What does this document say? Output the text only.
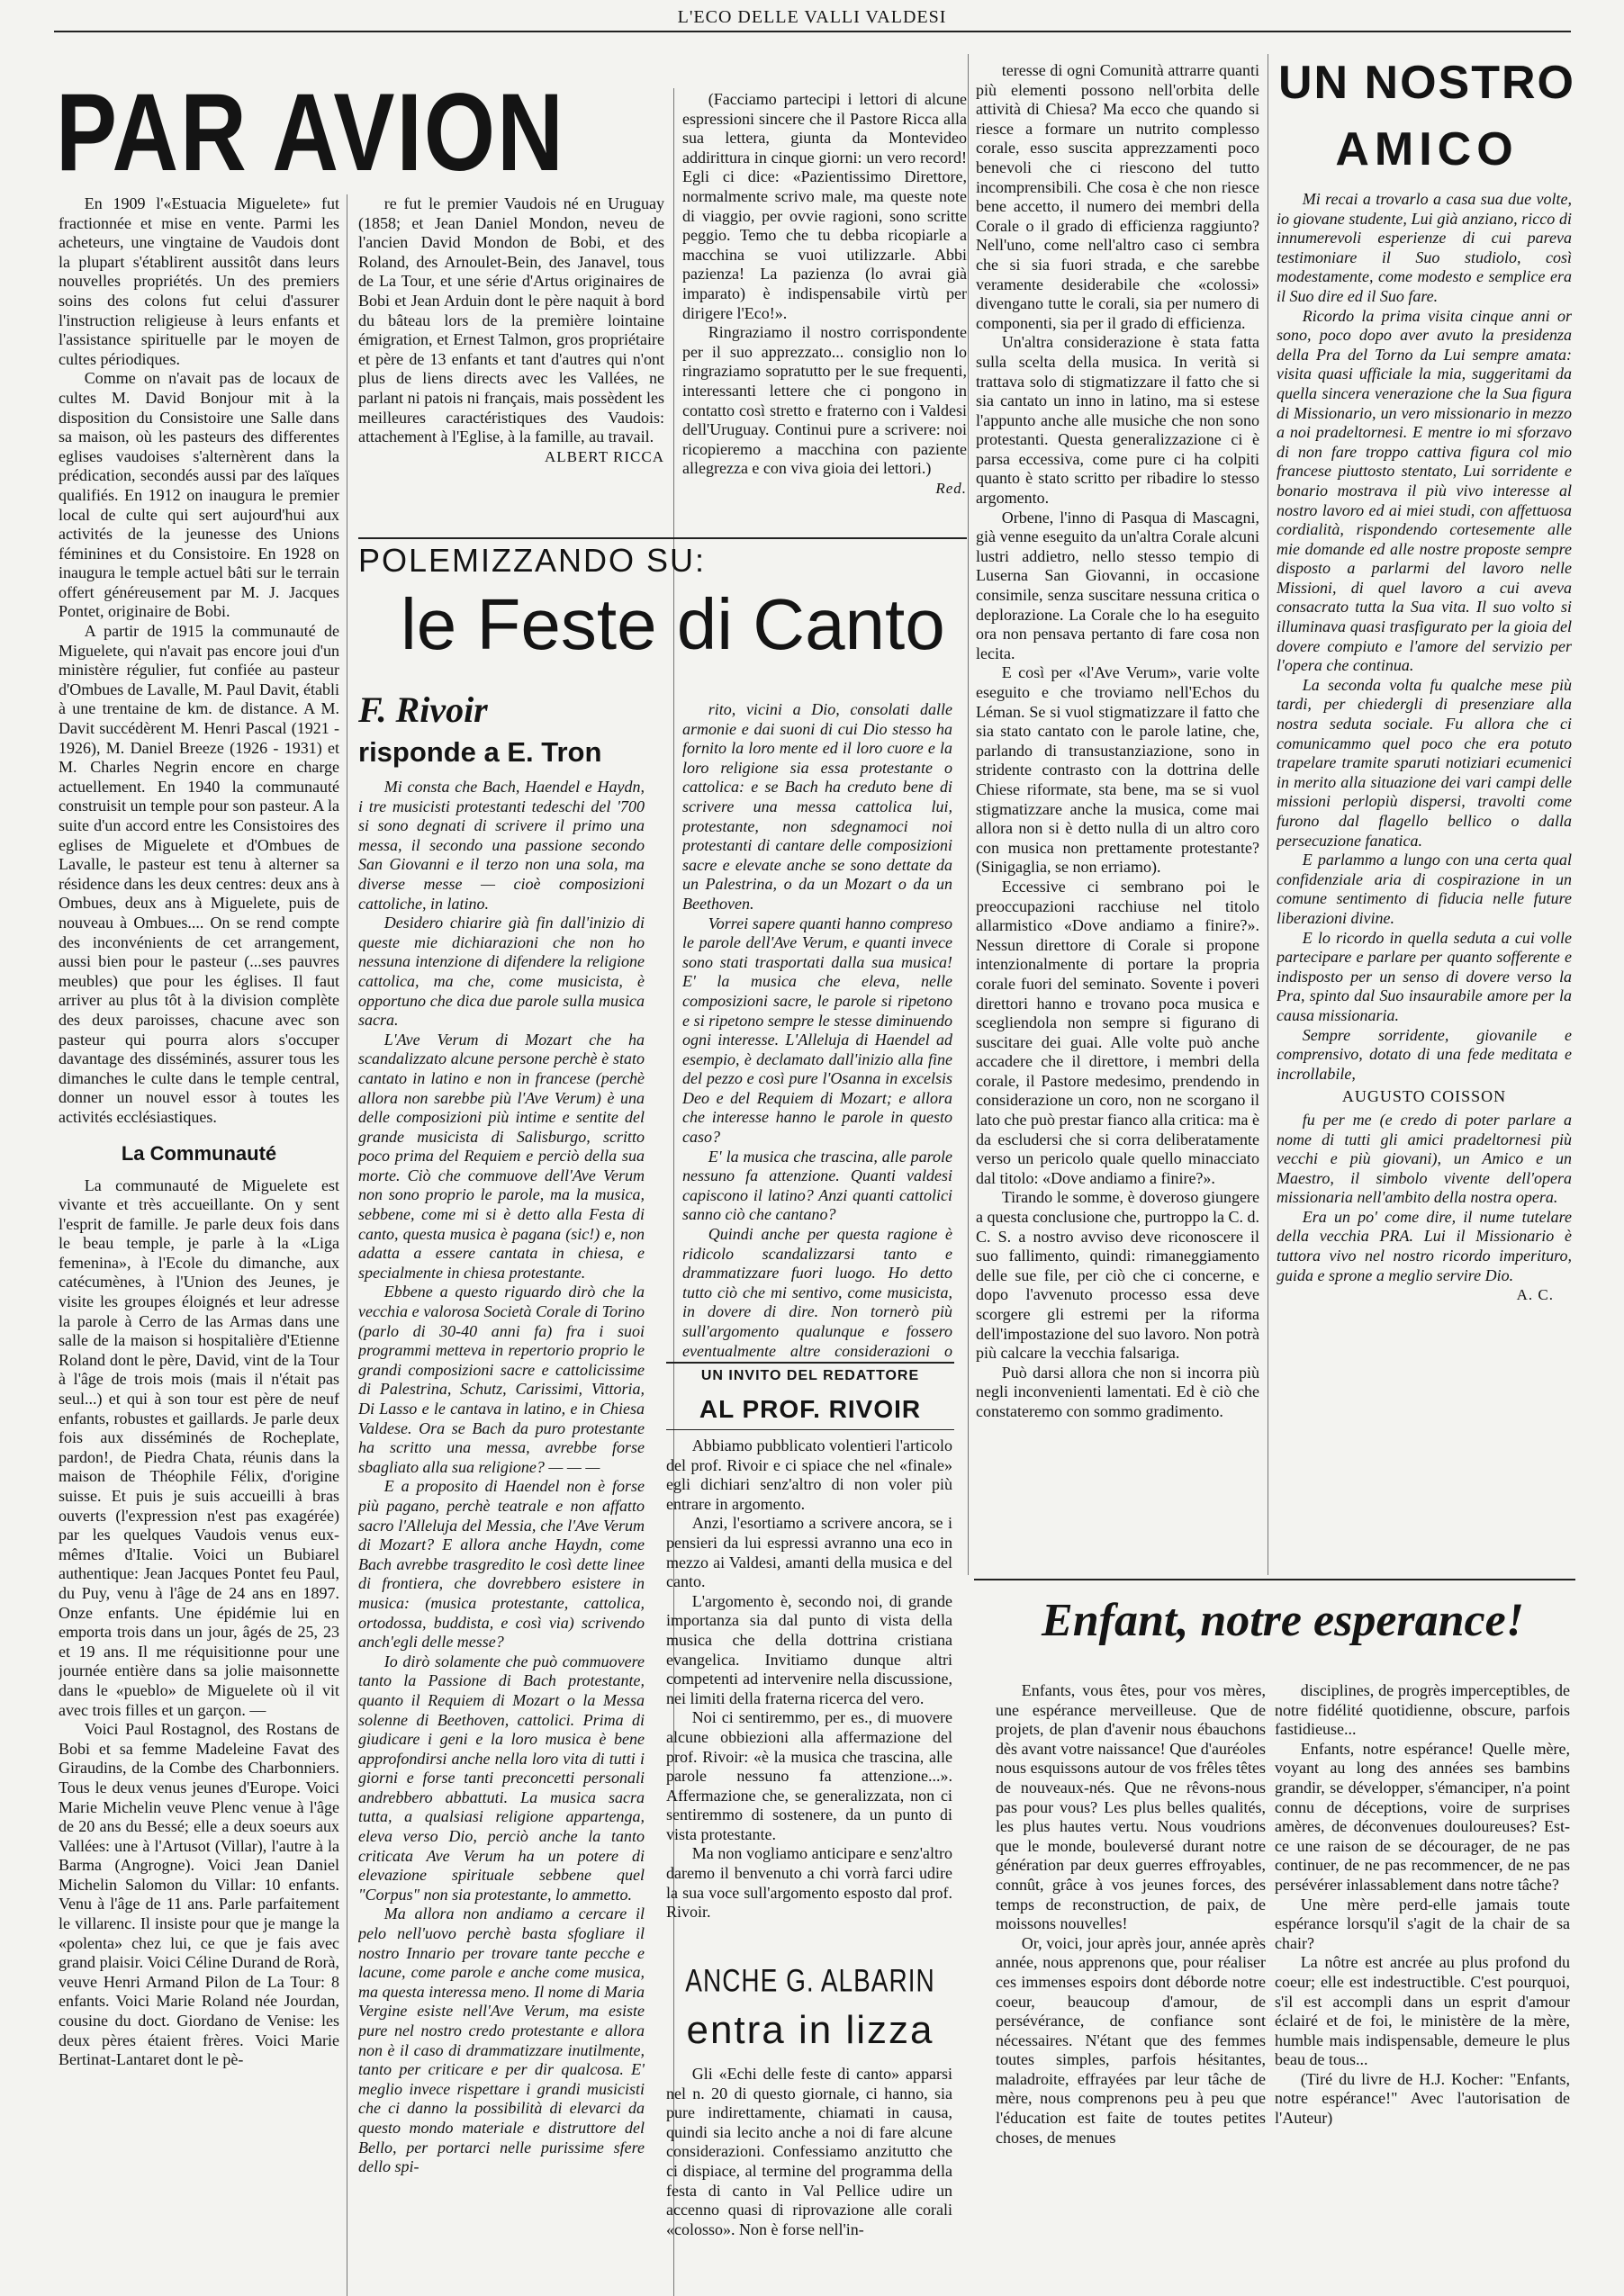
L'ECO DELLE VALLI VALDESI
PAR AVION

En 1909 l'«Estuacia Miguelete» fut fractionnée et mise en vente. Parmi les acheteurs, une vingtaine de Vaudois dont la plupart s'établirent aussitôt dans leurs nouvelles propriétés. Un des premiers soins des colons fut celui d'assurer l'instruction religieuse à leurs enfants et l'assistance spirituelle par le moyen de cultes périodiques.

Comme on n'avait pas de locaux de cultes M. David Bonjour mit à la disposition du Consistoire une Salle dans sa maison, où les pasteurs des differentes eglises vaudoises s'alternèrent dans la prédication, secondés aussi par des laïques qualifiés. En 1912 on inaugura le premier local de culte qui sert aujourd'hui aux activités de la jeunesse des Unions féminines et du Consistoire. En 1928 on inaugura le temple actuel bâti sur le terrain offert généreusement par M. J. Jacques Pontet, originaire de Bobi.

A partir de 1915 la communauté de Miguelete, qui n'avait pas encore joui d'un ministère régulier, fut confiée au pasteur d'Ombues de Lavalle, M. Paul Davit, établi à une trentaine de km. de distance. A M. Davit succédèrent M. Henri Pascal (1921 - 1926), M. Daniel Breeze (1926 - 1931) et M. Charles Negrin encore en charge actuellement. En 1940 la communauté construisit un temple pour son pasteur. A la suite d'un accord entre les Consistoires des eglises de Miguelete et d'Ombues de Lavalle, le pasteur est tenu à alterner sa résidence dans les deux centres: deux ans à Ombues, deux ans à Miguelete, puis de nouveau à Ombues.... On se rend compte des inconvénients de cet arrangement, aussi bien pour le pasteur (...ses pauvres meubles) que pour les églises. Il faut arriver au plus tôt à la division complète des deux paroisses, chacune avec son pasteur qui pourra alors s'occuper davantage des disséminés, assurer tous les dimanches le culte dans le temple central, donner un nouvel essor à toutes les activités ecclésiastiques.

La Communauté

La communauté de Miguelete est vivante et très accueillante. On y sent l'esprit de famille. Je parle deux fois dans le beau temple, je parle à la «Liga femenina», à l'Ecole du dimanche, aux catécumènes, à l'Union des Jeunes, je visite les groupes éloignés et leur adresse la parole à Cerro de las Armas dans une salle de la maison si hospitalière d'Etienne Roland dont le père, David, vint de la Tour à l'âge de trois mois (mais il n'était pas seul...) et qui à son tour est père de neuf enfants, robustes et gaillards. Je parle deux fois aux disséminés de Rocheplate, pardon!, de Piedra Chata, réunis dans la maison de Théophile Félix, d'origine suisse. Et puis je suis accueilli à bras ouverts (l'expression n'est pas exagérée) par les quelques Vaudois venus eux-mêmes d'Italie. Voici un Bubiarel authentique: Jean Jacques Pontet feu Paul, du Puy, venu à l'âge de 24 ans en 1897. Onze enfants. Une épidémie lui en emporta trois dans un jour, âgés de 25, 23 et 19 ans. Il me réquisitionne pour une journée entière dans sa jolie maisonnette dans le «pueblo» de Miguelete où il vit avec trois filles et un garçon. —

Voici Paul Rostagnol, des Rostans de Bobi et sa femme Madeleine Favat des Giraudins, de la Combe des Charbonniers. Tous le deux venus jeunes d'Europe. Voici Marie Michelin veuve Plenc venue à l'âge de 20 ans du Bessé; elle a deux soeurs aux Vallées: une à l'Artusot (Villar), l'autre à la Barma (Angrogne). Voici Jean Daniel Michelin Salomon du Villar: 10 enfants. Venu à l'âge de 11 ans. Parle parfaitement le villarenc. Il insiste pour que je mange la «polenta» chez lui, ce que je fais avec grand plaisir. Voici Céline Durand de Rorà, veuve Henri Armand Pilon de La Tour: 8 enfants. Voici Marie Roland née Jourdan, cousine du doct. Giordano de Venise: les deux pères étaient frères. Voici Marie Bertinat-Lantaret dont le pè-

re fut le premier Vaudois né en Uruguay (1858; et Jean Daniel Mondon, neveu de l'ancien David Mondon de Bobi, et des Roland, des Arnoulet-Bein, des Janavel, tous de La Tour, et une série d'Artus originaires de Bobi et Jean Arduin dont le père naquit à bord du bâteau lors de la première lointaine émigration, et Ernest Talmon, gros propriétaire et père de 13 enfants et tant d'autres qui n'ont plus de liens directs avec les Vallées, ne parlant ni patois ni français, mais possèdent les meilleures caractéristiques des Vaudois: attachement à l'Eglise, à la famille, au travail.

ALBERT RICCA

(Facciamo partecipi i lettori di alcune espressioni sincere che il Pastore Ricca alla sua lettera, giunta da Montevideo addirittura in cinque giorni: un vero record! Egli ci dice: «Pazientissimo Direttore, normalmente scrivo male, ma queste note di viaggio, per ovvie ragioni, sono scritte peggio. Temo che tu debba ricopiarle a macchina se vuoi utilizzarle. Abbi pazienza! La pazienza (lo avrai già imparato) è indispensabile virtù per dirigere l'Eco!».

Ringraziamo il nostro corrispondente per il suo apprezzato... consiglio non lo ringraziamo sopratutto per le sue frequenti, interessanti lettere che ci pongono in contatto così stretto e fraterno con i Valdesi dell'Uruguay. Continui pure a scrivere: noi ricopieremo a macchina con paziente allegrezza e con viva gioia dei lettori.)

Red.

POLEMIZZANDO SU:
le Feste di Canto
F. Rivoir
risponde a E. Tron

Mi consta che Bach, Haendel e Haydn, i tre musicisti protestanti tedeschi del '700 si sono degnati di scrivere il primo una messa, il secondo una passione secondo San Giovanni e il terzo non una sola, ma diverse messe — cioè composizioni cattoliche, in latino.

Desidero chiarire già fin dall'inizio di queste mie dichiarazioni che non ho nessuna intenzione di difendere la religione cattolica, ma che, come musicista, è opportuno che dica due parole sulla musica sacra.

L'Ave Verum di Mozart che ha scandalizzato alcune persone perchè è stato cantato in latino e non in francese (perchè allora non sarebbe più l'Ave Verum) è una delle composizioni più intime e sentite del grande musicista di Salisburgo, scritto poco prima del Requiem e perciò della sua morte. Ciò che commuove dell'Ave Verum non sono proprio le parole, ma la musica, sebbene, come mi si è detto alla Festa di canto, questa musica è pagana (sic!) e, non adatta a essere cantata in chiesa, e specialmente in chiesa protestante.

Ebbene a questo riguardo dirò che la vecchia e valorosa Società Corale di Torino (parlo di 30-40 anni fa) fra i suoi programmi metteva in repertorio proprio le grandi composizioni sacre e cattolicissime di Palestrina, Schutz, Carissimi, Vittoria, Di Lasso e le cantava in latino, e in Chiesa Valdese. Ora se Bach da puro protestante ha scritto una messa, avrebbe forse sbagliato alla sua religione? — — —

E a proposito di Haendel non è forse più pagano, perchè teatrale e non affatto sacro l'Alleluja del Messia, che l'Ave Verum di Mozart? E allora anche Haydn, come Bach avrebbe trasgredito le così dette linee di frontiera, che dovrebbero esistere in musica: (musica protestante, cattolica, ortodossa, buddista, e così via) scrivendo anch'egli delle messe?

Io dirò solamente che può commuovere tanto la Passione di Bach protestante, quanto il Requiem di Mozart o la Messa solenne di Beethoven, cattolici. Prima di giudicare i geni e la loro musica è bene approfondirsi anche nella loro vita di tutti i giorni e forse tanti preconcetti personali andrebbero abbattuti. La musica sacra tutta, a qualsiasi religione appartenga, eleva verso Dio, perciò anche la tanto criticata Ave Verum ha un potere di elevazione spirituale sebbene quel "Corpus" non sia protestante, lo ammetto.

Ma allora non andiamo a cercare il pelo nell'uovo perchè basta sfogliare il nostro Innario per trovare tante pecche e lacune, come parole e anche come musica, ma questa interessa meno. Il nome di Maria Vergine esiste nell'Ave Verum, ma esiste pure nel nostro credo protestante e allora non è il caso di drammatizzare inutilmente, tanto per criticare e per dir qualcosa. E' meglio invece rispettare i grandi musicisti che ci danno la possibilità di elevarci da questo mondo materiale e distruttore del Bello, per portarci nelle purissime sfere dello spi-

rito, vicini a Dio, consolati dalle armonie e dai suoni di cui Dio stesso ha fornito la loro mente ed il loro cuore e la loro religione sia essa protestante o cattolica: e se Bach ha creduto bene di scrivere una messa cattolica lui, protestante, non sdegnamoci noi protestanti di cantare delle composizioni sacre e elevate anche se sono dettate da un Palestrina, o da un Mozart o da un Beethoven.

Vorrei sapere quanti hanno compreso le parole dell'Ave Verum, e quanti invece sono stati trasportati dalla sua musica! E' la musica che eleva, nelle composizioni sacre, le parole si ripetono e si ripetono sempre le stesse diminuendo ogni interesse. L'Alleluja di Haendel ad esempio, è declamato dall'inizio alla fine del pezzo e così pure l'Osanna in excelsis Deo e del Requiem di Mozart; e allora che interesse hanno le parole in questo caso?

E' la musica che trascina, alle parole nessuno fa attenzione. Quanti valdesi capiscono il latino? Anzi quanti cattolici sanno ciò che cantano?

Quindi anche per questa ragione è ridicolo scandalizzarsi tanto e drammatizzare fuori luogo. Ho detto tutto ciò che mi sentivo, come musicista, in dovere di dire. Non tornerò più sull'argomento qualunque e fossero eventualmente altre considerazioni o

UN INVITO DEL REDATTORE
AL PROF. RIVOIR

Abbiamo pubblicato volentieri l'articolo del prof. Rivoir e ci spiace che nel «finale» egli dichiari senz'altro di non voler più entrare in argomento.

Anzi, l'esortiamo a scrivere ancora, se i pensieri da lui espressi avranno una eco in mezzo ai Valdesi, amanti della musica e del canto.

L'argomento è, secondo noi, di grande importanza sia dal punto di vista della musica che della dottrina cristiana evangelica. Invitiamo dunque altri competenti ad intervenire nella discussione, nei limiti della fraterna ricerca del vero.

Noi ci sentiremmo, per es., di muovere alcune obbiezioni alla affermazione del prof. Rivoir: «è la musica che trascina, alle parole nessuno fa attenzione...». Affermazione che, se generalizzata, non ci sentiremmo di sostenere, da un punto di vista protestante.

Ma non vogliamo anticipare e senz'altro daremo il benvenuto a chi vorrà farci udire la sua voce sull'argomento esposto dal prof. Rivoir.

ANCHE G. ALBARIN
entra in lizza

Gli «Echi delle feste di canto» apparsi nel n. 20 di questo giornale, ci hanno, sia pure indirettamente, chiamati in causa, quindi sia lecito anche a noi di fare alcune considerazioni. Confessiamo anzitutto che ci dispiace, al termine del programma della festa di canto in Val Pellice udire un accenno quasi di riprovazione alle corali «colosso». Non è forse nell'in-

teresse di ogni Comunità attrarre quanti più elementi possono nell'orbita delle attività di Chiesa? Ma ecco che quando si riesce a formare un nutrito complesso corale, esso suscita apprezzamenti poco benevoli che ci riescono del tutto incomprensibili. Che cosa è che non riesce bene accetto, il numero dei membri della Corale o il grado di efficienza raggiunto? Nell'uno, come nell'altro caso ci sembra che si sia fuori strada, e che sarebbe veramente desiderabile che «colossi» divengano tutte le corali, sia per numero di componenti, sia per il grado di efficienza.

Un'altra considerazione è stata fatta sulla scelta della musica. In verità si trattava solo di stigmatizzare il fatto che si sia cantato un inno in latino, ma si estese l'appunto anche alle musiche che non sono protestanti. Questa generalizzazione ci è parsa eccessiva, come pure ci ha colpiti quanto è stato scritto per ribadire lo stesso argomento.

Orbene, l'inno di Pasqua di Mascagni, già venne eseguito da un'altra Corale alcuni lustri addietro, nello stesso tempio di Luserna San Giovanni, in occasione consimile, senza suscitare nessuna critica o deplorazione. La Corale che lo ha eseguito ora non pensava pertanto di fare cosa non lecita.

E così per «l'Ave Verum», varie volte eseguito e che troviamo nell'Echos du Léman. Se si vuol stigmatizzare il fatto che sia stato cantato con le parole latine, che, parlando di transustanziazione, sono in stridente contrasto con la dottrina delle Chiese riformate, sta bene, ma se si vuol stigmatizzare anche la musica, come mai allora non si è detto nulla di un altro coro con musica non prettamente protestante? (Sinigaglia, se non erriamo).

Eccessive ci sembrano poi le preoccupazioni racchiuse nel titolo allarmistico «Dove andiamo a finire?». Nessun direttore di Corale si propone intenzionalmente di portare la propria corale fuori del seminato. Sovente i poveri direttori hanno e trovano poca musica e scegliendola non sempre si figurano di suscitare dei guai. Alle volte può anche accadere che il direttore, i membri della corale, il Pastore medesimo, prendendo in considerazione un coro, non ne scorgano il lato che può prestar fianco alla critica: ma è da escludersi che si corra deliberatamente verso un pericolo quale quello minacciato dal titolo: «Dove andiamo a finire?».

Tirando le somme, è doveroso giungere a questa conclusione che, purtroppo la C. d. C. S. a nostro avviso deve riconoscere il suo fallimento, quindi: rimaneggiamento delle sue file, per ciò che ci concerne, e dopo l'avvenuto processo essa deve scorgere gli estremi per la riforma dell'impostazione del suo lavoro. Non potrà più calcare la vecchia falsariga.

Può darsi allora che non si incorra più negli inconvenienti lamentati. Ed è ciò che constateremo con sommo gradimento.

UN NOSTRO
AMICO

Mi recai a trovarlo a casa sua due volte, io giovane studente, Lui già anziano, ricco di innumerevoli esperienze di cui pareva testimoniare il Suo studiolo, così modestamente, come modesto e semplice era il Suo dire ed il Suo fare.

Ricordo la prima visita cinque anni or sono, poco dopo aver avuto la presidenza della Pra del Torno da Lui sempre amata: visita quasi ufficiale la mia, suggeritami da quella sincera venerazione che la Sua figura di Missionario, un vero missionario in mezzo a noi pradeltornesi. E mentre io mi sforzavo di non fare troppo cattiva figura col mio francese piuttosto stentato, Lui sorridente e bonario mostrava il più vivo interesse al nostro lavoro ed ai miei studi, con affettuosa cordialità, rispondendo cortesemente alle mie domande ed alle nostre proposte sempre disposto a parlarmi del lavoro nelle Missioni, di quel lavoro a cui aveva consacrato tutta la Sua vita. Il suo volto si illuminava quasi trasfigurato per la gioia del dovere compiuto e l'amore del servizio per l'opera che continua.

La seconda volta fu qualche mese più tardi, per chiedergli di presenziare alla nostra seduta sociale. Fu allora che ci comunicammo quel poco che era potuto trapelare tramite sparuti notiziari ecumenici in merito alla situazione dei vari campi delle missioni perlopiù dispersi, travolti come furono dal flagello bellico o dalla persecuzione fanatica.

E parlammo a lungo con una certa qual confidenziale aria di cospirazione in un comune sentimento di fiducia nelle future liberazioni divine.

E lo ricordo in quella seduta a cui volle partecipare e parlare per quanto sofferente e indisposto per un senso di dovere verso la Pra, spinto dal Suo insaurabile amore per la causa missionaria.

Sempre sorridente, giovanile e comprensivo, dotato di una fede meditata e incrollabile,

AUGUSTO COISSON

fu per me (e credo di poter parlare a nome di tutti gli amici pradeltornesi più vecchi e più giovani), un Amico e un Maestro, il simbolo vivente dell'opera missionaria nell'ambito della nostra opera.

Era un po' come dire, il nume tutelare della vecchia PRA. Lui il Missionario è tuttora vivo nel nostro ricordo imperituro, guida e sprone a meglio servire Dio.

A. C.

Enfant, notre esperance!

Enfants, vous êtes, pour vos mères, une espérance merveilleuse. Que de projets, de plan d'avenir nous ébauchons dès avant votre naissance! Que d'auréoles nous esquissons autour de vos frêles têtes de nouveaux-nés. Que ne rêvons-nous pas pour vous? Les plus belles qualités, les plus hautes vertu. Nous voudrions que le monde, bouleversé durant notre génération par deux guerres effroyables, connût, grâce à vos jeunes forces, des temps de reconstruction, de paix, de moissons nouvelles!

Or, voici, jour après jour, année après année, nous apprenons que, pour réaliser ces immenses espoirs dont déborde notre coeur, beaucoup d'amour, de persévérance, de confiance sont nécessaires. N'étant que des femmes toutes simples, parfois hésitantes, maladroite, effrayées par leur tâche de mère, nous comprenons peu à peu que l'éducation est faite de toutes petites choses, de menues

disciplines, de progrès imperceptibles, de notre fidélité quotidienne, obscure, parfois fastidieuse...

Enfants, notre espérance! Quelle mère, voyant au long des années ses bambins grandir, se développer, s'émanciper, n'a point connu de déceptions, voire de surprises amères, de déconvenues douloureuses? Est-ce une raison de se décourager, de ne pas continuer, de ne pas recommencer, de ne pas persévérer inlassablement dans notre tâche?

Une mère perd-elle jamais toute espérance lorsqu'il s'agit de la chair de sa chair?

La nôtre est ancrée au plus profond du coeur; elle est indestructible. C'est pourquoi, s'il est accompli dans un esprit d'amour éclairé et de foi, le ministère de la mère, humble mais indispensable, demeure le plus beau de tous...

(Tiré du livre de H.J. Kocher: "Enfants, notre espérance!" Avec l'autorisation de l'Auteur)
